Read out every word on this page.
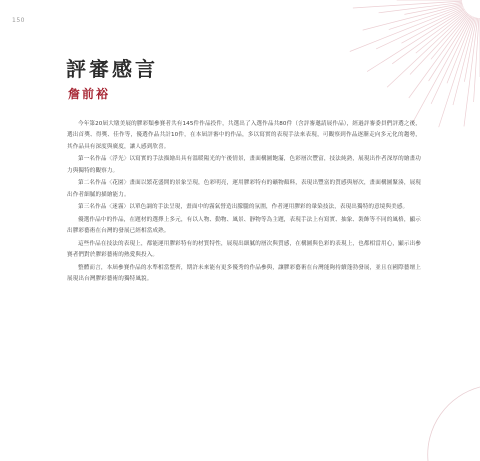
150
評審感言
詹前裕

今年第20屆大墩美展的膠彩類參賽者共有145件作品投件，共選出了入選作品共80件（含評審邀請展作品），經過評審委員們評選之後，選出首獎、得獎、佳作等，優選作品共計10件，在本屆評審中的作品，多以寫實的表現手法來表現，可觀察到作品逐漸走向多元化的趨勢，其作品具有深度與廣度，讓人感到欣喜。

第一名作品〈浮光〉以寫實的手法描繪出具有溫暖陽光的午後情景，畫面構圖飽滿，色彩層次豐富，技法純熟，展現出作者深厚的繪畫功力與獨特的觀察力。

第二名作品〈花園〉畫面以繁花盛開的景象呈現，色彩明亮，運用膠彩特有的礦物顏料，表現出豐富的質感與層次，畫面構圖緊湊，展現出作者細膩的描繪能力。

第三名作品〈迷霧〉以單色調的手法呈現，畫面中的霧氣營造出朦朧的氛圍，作者運用膠彩的暈染技法，表現出獨特的意境與美感。

優選作品中的作品，在題材的選擇上多元，有以人物、動物、風景、靜物等為主題，表現手法上有寫實、抽象、裝飾等不同的風格，顯示出膠彩藝術在台灣的發展已經相當成熟。

這些作品在技法的表現上，都能運用膠彩特有的材質特性，展現出細膩的層次與質感，在構圖與色彩的表現上，也都相當用心，顯示出參賽者們對於膠彩藝術的熱愛與投入。

整體而言，本屆參賽作品的水準相當整齊，期許未來能有更多優秀的作品參與，讓膠彩藝術在台灣能夠持續蓬勃發展，並且在國際藝壇上展現出台灣膠彩藝術的獨特風貌。
